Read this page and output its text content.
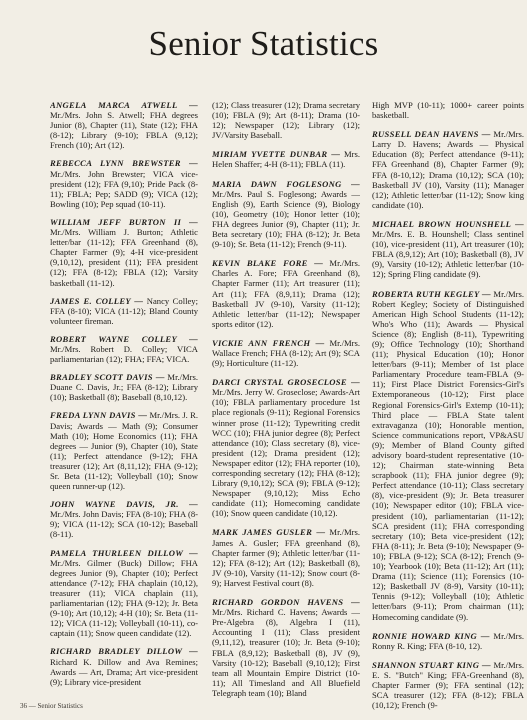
Senior Statistics

ANGELA MARCA ATWELL — Mr./Mrs. John S. Atwell; FHA degrees Junior (8), Chapter (11), State (12); FHA (8-12); Library (9-10); FBLA (9,12); French (10); Art (12).

REBECCA LYNN BREWSTER — Mr./Mrs. John Brewster; VICA vice-president (12); FFA (9,10); Pride Pack (8-11); FBLA; Pep; SADD (9); VICA (12); Bowling (10); Pep squad (10-11).

WILLIAM JEFF BURTON II — Mr./Mrs. William J. Burton; Athletic letter/bar (11-12); FFA Greenhand (8), Chapter Farmer (9); 4-H vice-president (9,10,12), president (11); FFA president (12); FFA (8-12); FBLA (12); Varsity basketball (11-12).

JAMES E. COLLEY — Nancy Colley; FFA (8-10); VICA (11-12); Bland County volunteer fireman.

ROBERT WAYNE COLLEY — Mr./Mrs. Robert D. Colley; VICA parliamentarian (12); FHA; FFA; VICA.

BRADLEY SCOTT DAVIS — Mr./Mrs. Duane C. Davis, Jr.; FFA (8-12); Library (10); Basketball (8); Baseball (8,10,12).

FREDA LYNN DAVIS — Mr./Mrs. J. R. Davis; Awards — Math (9); Consumer Math (10); Home Economics (11); FHA degrees — Junior (9), Chapter (10), State (11); Perfect attendance (9-12); FHA treasurer (12); Art (8,11,12); FHA (9-12); Sr. Beta (11-12); Volleyball (10); Snow queen runner-up (12).

JOHN WAYNE DAVIS, JR. — Mr./Mrs. John Davis; FFA (8-10); FHA (8-9); VICA (11-12); SCA (10-12); Baseball (8-11).

PAMELA THURLEEN DILLOW — Mr./Mrs. Gilmer (Buck) Dillow; FHA degrees Junior (9), Chapter (10); Perfect attendance (7-12); FHA chaplain (10,12), treasurer (11); VICA chaplain (11), parliamentarian (12); FHA (9-12); Jr. Beta (9-10); Art (10,12); 4-H (10); Sr. Beta (11-12); VICA (11-12); Volleyball (10-11), co-captain (11); Snow queen candidate (12).

RICHARD BRADLEY DILLOW — Richard K. Dillow and Ava Remines; Awards — Art, Drama; Art vice-president (9); Library vice-president

(12); Class treasurer (12); Drama secretary (10); FBLA (9); Art (8-11); Drama (10-12); Newspaper (12); Library (12); JV/Varsity Baseball.

MIRIAM YVETTE DUNBAR — Mrs. Helen Shaffer; 4-H (8-11); FBLA (11).

MARIA DAWN FOGLESONG — Mr./Mrs. Paul S. Foglesong; Awards — English (9), Earth Science (9), Biology (10), Geometry (10); Honor letter (10); FHA degrees Junior (9), Chapter (11); Jr. Beta secretary (10); FHA (8-12); Jr. Beta (9-10); Sr. Beta (11-12); French (9-11).

KEVIN BLAKE FORE — Mr./Mrs. Charles A. Fore; FFA Greenhand (8), Chapter Farmer (11); Art treasurer (11); Art (11); FFA (8,9,11); Drama (12); Basketball JV (9-10), Varsity (11-12); Athletic letter/bar (11-12); Newspaper sports editor (12).

VICKIE ANN FRENCH — Mr./Mrs. Wallace French; FHA (8-12); Art (9); SCA (9); Horticulture (11-12).

DARCI CRYSTAL GROSECLOSE — Mr./Mrs. Jerry W. Groseclose; Awards-Art (10); FBLA parliamentary procedure 1st place regionals (9-11); Regional Forensics winner prose (11-12); Typewriting credit WCC (10); FHA junior degree (8); Perfect attendance (10); Class secretary (8), vice-president (12); Drama president (12); Newspaper editor (12); FHA reporter (10), corresponding secretary (12); FHA (8-12); Library (9,10,12); SCA (9); FBLA (9-12); Newspaper (9,10,12); Miss Echo candidate (11); Homecoming candidate (10); Snow queen candidate (10,12).

MARK JAMES GUSLER — Mr./Mrs. James A. Gusler; FFA greenhand (8), Chapter farmer (9); Athletic letter/bar (11-12); FFA (8-12); Art (12); Basketball (8), JV (9-10), Varsity (11-12); Snow court (8-9); Harvest Festival court (8).

RICHARD GORDON HAVENS — Mr./Mrs. Richard C. Havens; Awards — Pre-Algebra (8), Algebra I (11), Accounting I (11); Class president (9,11,12), treasurer (10); Jr. Beta (9-10); FBLA (8,9,12); Basketball (8), JV (9), Varsity (10-12); Baseball (9,10,12); First team all Mountain Empire District (10-11); All Timesland and All Bluefield Telegraph team (10); Bland

High MVP (10-11); 1000+ career points basketball.

RUSSELL DEAN HAVENS — Mr./Mrs. Larry D. Havens; Awards — Physical Education (8); Perfect attendance (9-11); FFA Greenhand (8), Chapter Farmer (9); FFA (8-10,12); Drama (10,12); SCA (10); Basketball JV (10), Varsity (11); Manager (12); Athletic letter/bar (11-12); Snow king candidate (10).

MICHAEL BROWN HOUNSHELL — Mr./Mrs. E. B. Hounshell; Class sentinel (10), vice-president (11), Art treasurer (10); FBLA (8,9,12); Art (10); Basketball (8), JV (9), Varsity (10-12); Athletic letter/bar (10-12); Spring Fling candidate (9).

ROBERTA RUTH KEGLEY — Mr./Mrs. Robert Kegley; Society of Distinguished American High School Students (11-12); Who's Who (11); Awards — Physical Science (8); English (8-11), Typewriting (9); Office Technology (10); Shorthand (11); Physical Education (10); Honor letter/bars (9-11); Member of 1st place Parliamentary Procedure team-FBLA (9-11); First Place District Forensics-Girl's Extemporaneous (10-12); First place Regional Forensics-Girl's Extemp (10-11); Third place — FBLA State talent extravaganza (10); Honorable mention, Science communications report, VP&ASU (9); Member of Bland County gifted advisory board-student representative (10-12); Chairman state-winning Beta scrapbook (11); FHA junior degree (9); Perfect attendance (10-11); Class secretary (8), vice-president (9); Jr. Beta treasurer (10); Newspaper editor (10); FBLA vice-president (10), parliamentarian (11-12); SCA president (11); FHA corresponding secretary (10); Beta vice-president (12); FHA (8-11); Jr. Beta (9-10); Newspaper (9-10); FBLA (9-12); SCA (8-12); French (9-10); Yearbook (10); Beta (11-12); Art (11); Drama (11); Science (11); Forensics (10-12); Basketball JV (8-9), Varsity (10-11); Tennis (9-12); Volleyball (10); Athletic letter/bars (9-11); Prom chairman (11); Homecoming candidate (9).

RONNIE HOWARD KING — Mr./Mrs. Ronny R. King; FFA (8-10, 12).

SHANNON STUART KING — Mr./Mrs. E. S. "Butch" King; FFA-Greenhand (8), Chapter Farmer (9); FFA sentinal (12); SCA treasurer (12); FFA (8-12); FBLA (10,12); French (9-

36 — Senior Statistics
